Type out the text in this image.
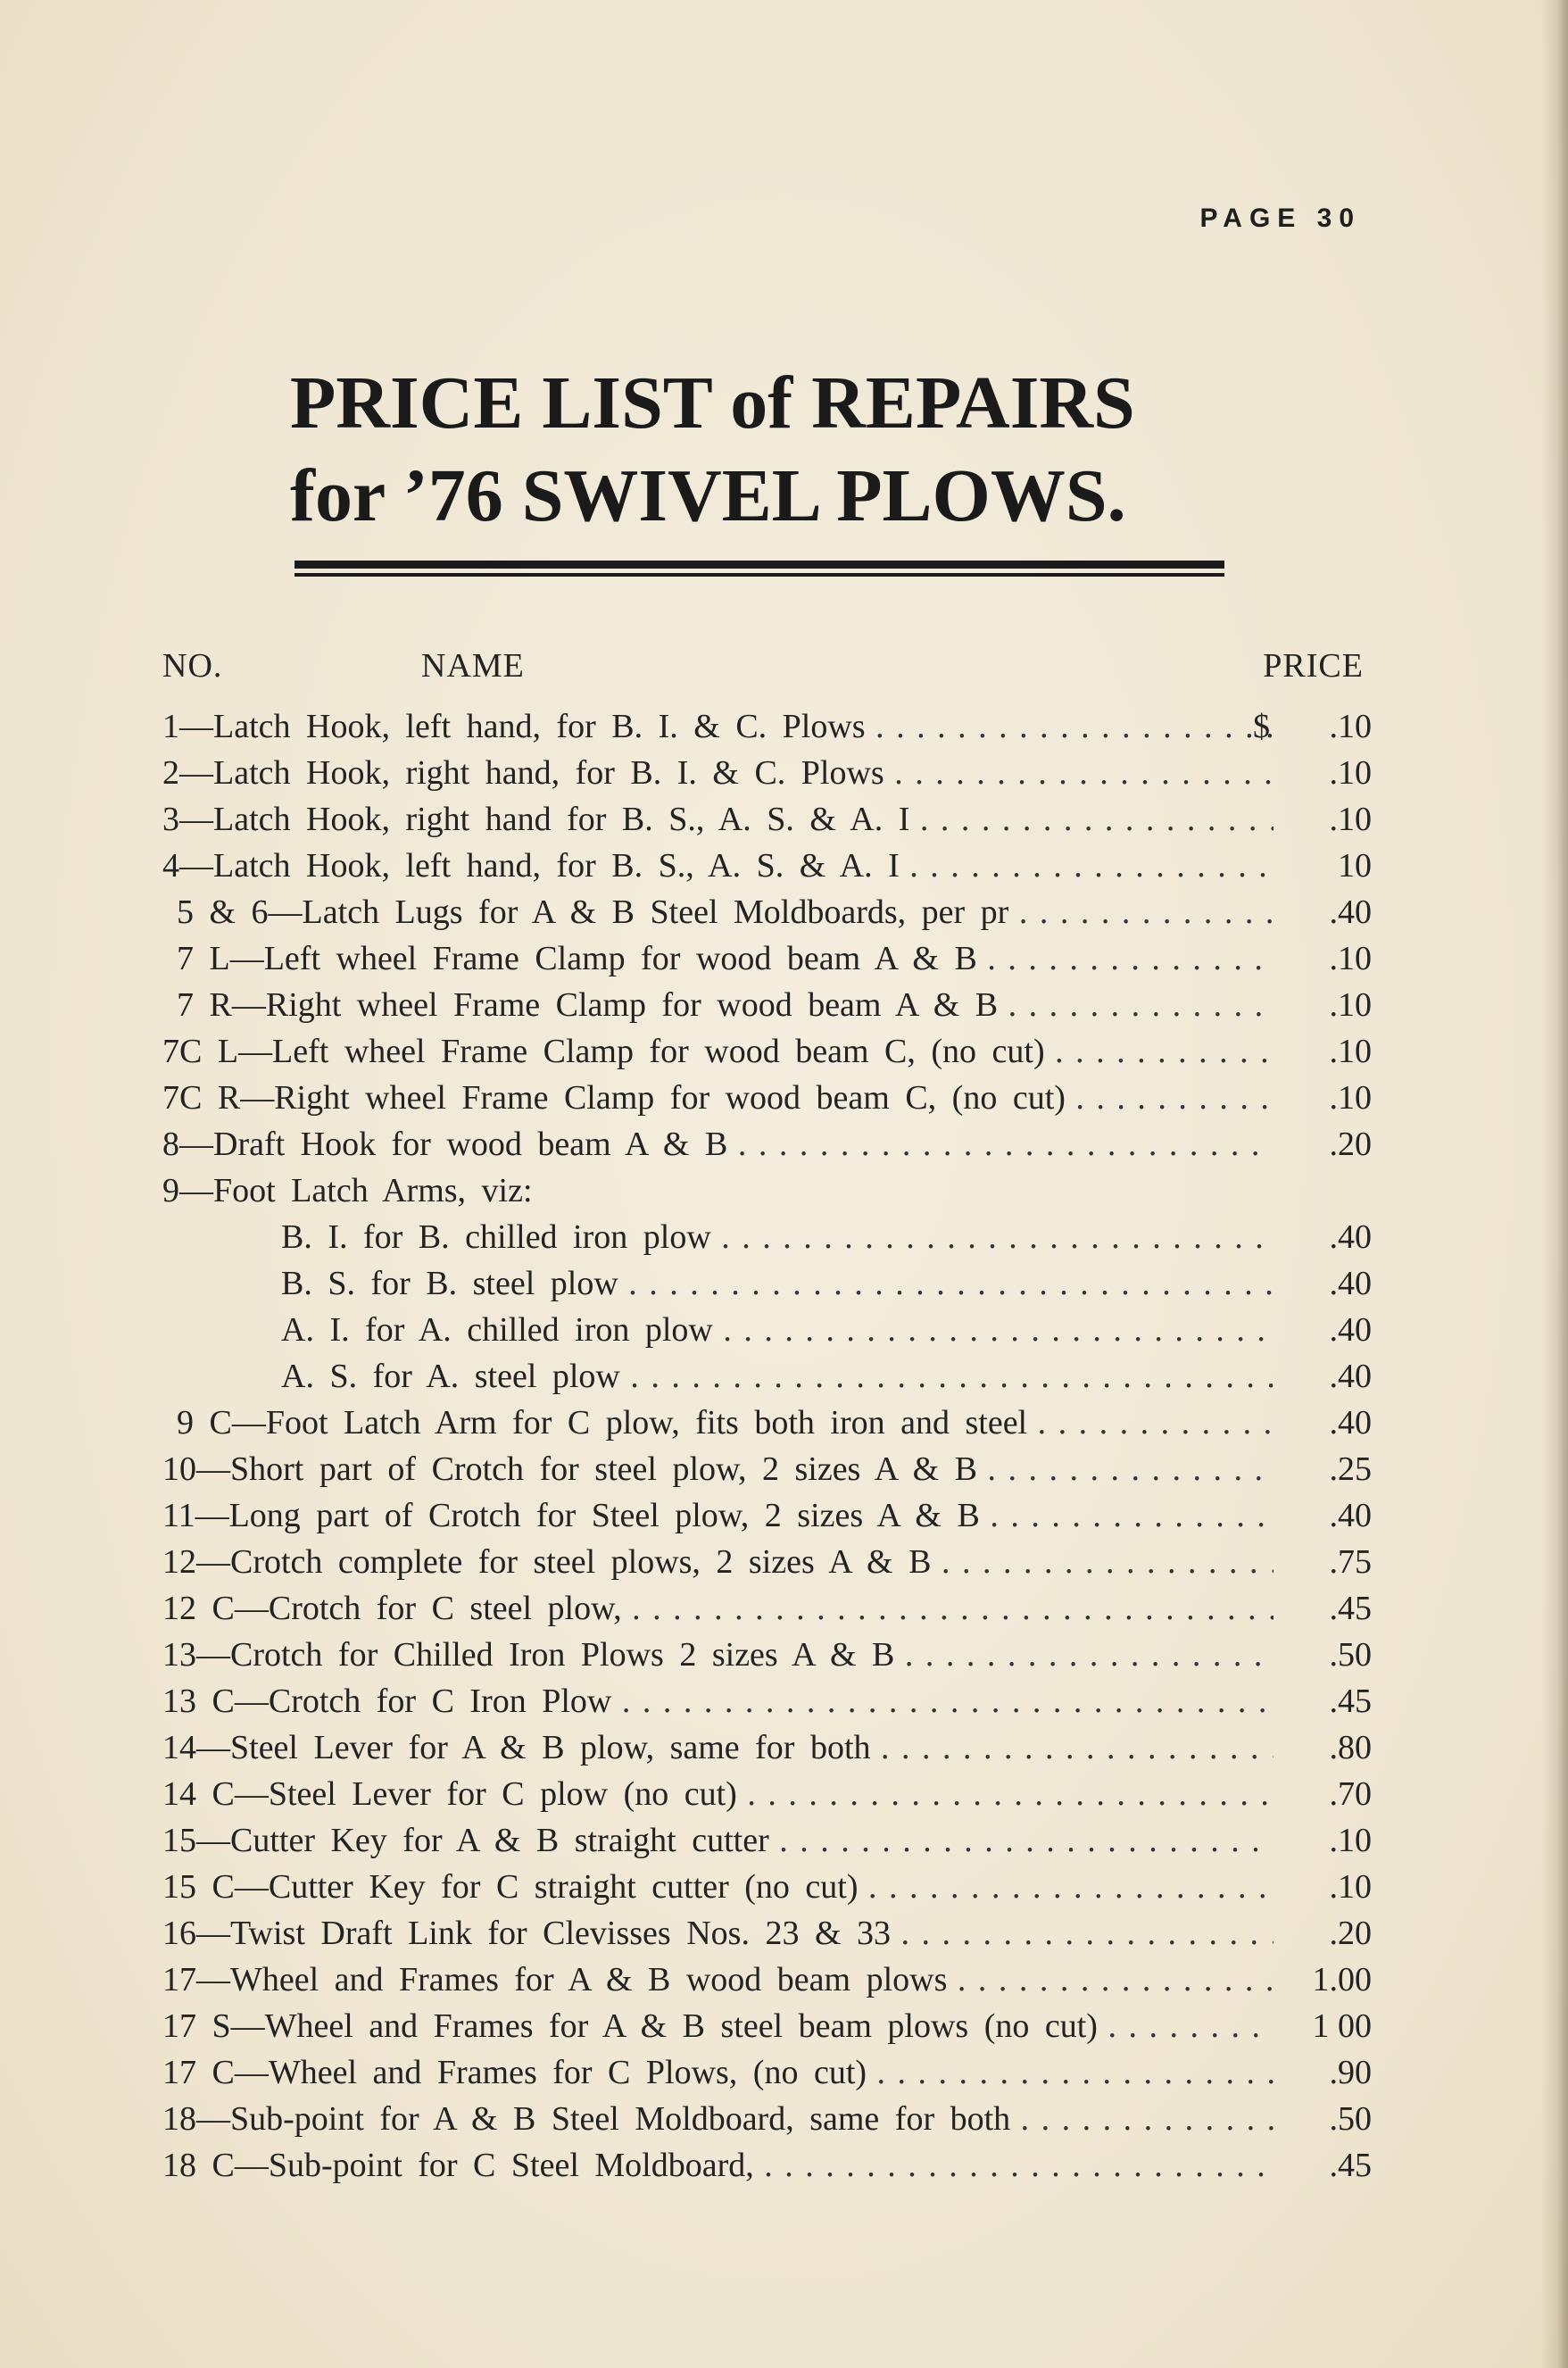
PAGE 30
PRICE LIST of REPAIRS
for ’76 SWIVEL PLOWS.
NO.	NAME	PRICE
1—Latch Hook, left hand, for B. I. & C. Plows . . .	$ .10
2—Latch Hook, right hand, for B. I. & C. Plows . . .	.10
3—Latch Hook, right hand for B. S., A. S. & A. I . . .	.10
4—Latch Hook, left hand, for B. S., A. S. & A. I . . .	10
5 & 6—Latch Lugs for A & B Steel Moldboards, per pr . . .	.40
7 L—Left wheel Frame Clamp for wood beam A & B . . .	.10
7 R—Right wheel Frame Clamp for wood beam A & B . . .	.10
7C L—Left wheel Frame Clamp for wood beam C, (no cut) . . .	.10
7C R—Right wheel Frame Clamp for wood beam C, (no cut) . . .	.10
8—Draft Hook for wood beam A & B . . .	.20
9—Foot Latch Arms, viz:
B. I. for B. chilled iron plow . . .	.40
B. S. for B. steel plow . . .	.40
A. I. for A. chilled iron plow . . .	.40
A. S. for A. steel plow . . .	.40
9 C—Foot Latch Arm for C plow, fits both iron and steel . . .	.40
10—Short part of Crotch for steel plow, 2 sizes A & B . . .	.25
11—Long part of Crotch for Steel plow, 2 sizes A & B . . .	.40
12—Crotch complete for steel plows, 2 sizes A & B . . .	.75
12 C—Crotch for C steel plow, . . .	.45
13—Crotch for Chilled Iron Plows 2 sizes A & B . . .	.50
13 C—Crotch for C Iron Plow . . .	.45
14—Steel Lever for A & B plow, same for both . . .	.80
14 C—Steel Lever for C plow (no cut) . . .	.70
15—Cutter Key for A & B straight cutter . . .	.10
15 C—Cutter Key for C straight cutter (no cut) . . .	.10
16—Twist Draft Link for Clevisses Nos. 23 & 33 . . .	.20
17—Wheel and Frames for A & B wood beam plows . . .	1.00
17 S—Wheel and Frames for A & B steel beam plows (no cut) . . .	1 00
17 C—Wheel and Frames for C Plows, (no cut) . . .	.90
18—Sub-point for A & B Steel Moldboard, same for both . . .	.50
18 C—Sub-point for C Steel Moldboard, . . .	.45
